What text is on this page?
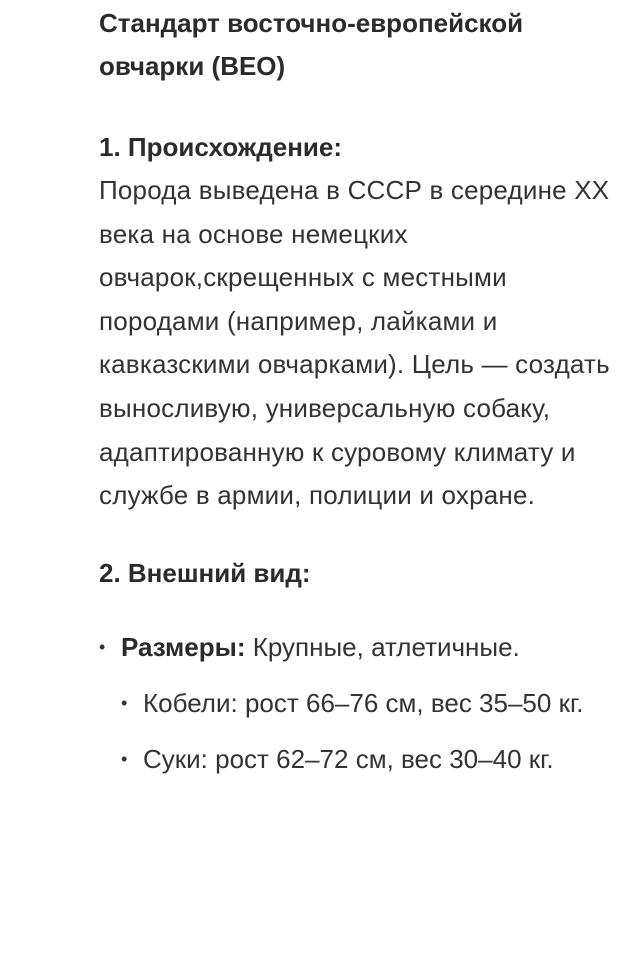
Стандарт восточно-европейской овчарки (ВЕО)
1. Происхождение:

Порода выведена в СССР в середине XX века на основе немецких овчарок,скрещенных с местными породами (например, лайками и кавказскими овчарками). Цель — создать выносливую, универсальную собаку, адаптированную к суровому климату и службе в армии, полиции и охране.

2. Внешний вид:
• Размеры: Крупные, атлетичные.
• Кобели: рост 66–76 см, вес 35–50 кг.
• Суки: рост 62–72 см, вес 30–40 кг.
